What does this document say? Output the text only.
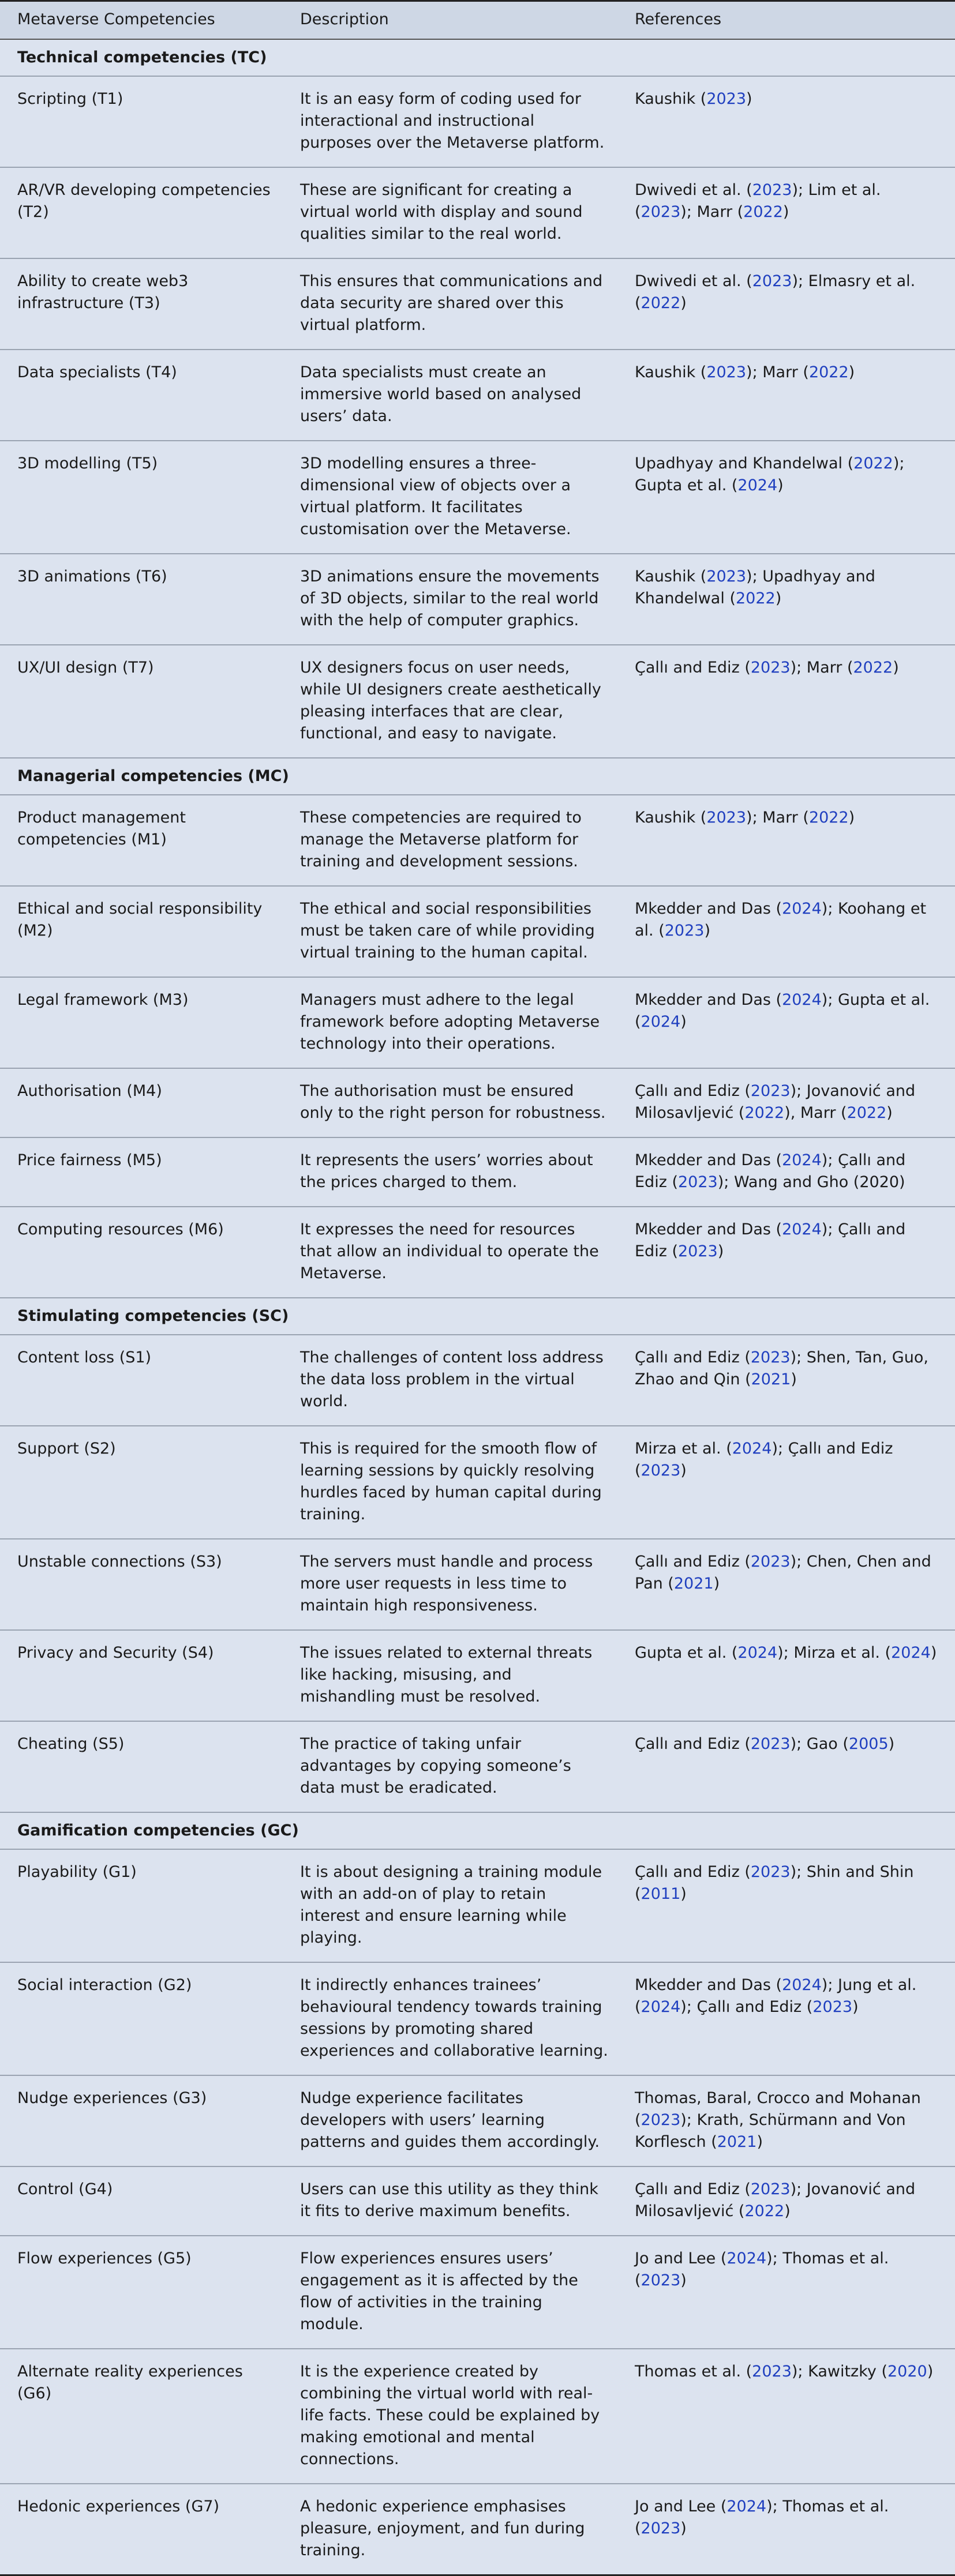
Metaverse Competencies	Description	References
Technical competencies (TC)		
Scripting (T1)	It is an easy form of coding used for interactional and instructional purposes over the Metaverse platform.	Kaushik (2023)
AR/VR developing competencies (T2)	These are significant for creating a virtual world with display and sound qualities similar to the real world.	Dwivedi et al. (2023); Lim et al. (2023); Marr (2022)
Ability to create web3 infrastructure (T3)	This ensures that communications and data security are shared over this virtual platform.	Dwivedi et al. (2023); Elmasry et al. (2022)
Data specialists (T4)	Data specialists must create an immersive world based on analysed users’ data.	Kaushik (2023); Marr (2022)
3D modelling (T5)	3D modelling ensures a three-dimensional view of objects over a virtual platform. It facilitates customisation over the Metaverse.	Upadhyay and Khandelwal (2022); Gupta et al. (2024)
3D animations (T6)	3D animations ensure the movements of 3D objects, similar to the real world with the help of computer graphics.	Kaushik (2023); Upadhyay and Khandelwal (2022)
UX/UI design (T7)	UX designers focus on user needs, while UI designers create aesthetically pleasing interfaces that are clear, functional, and easy to navigate.	Çallı and Ediz (2023); Marr (2022)
Managerial competencies (MC)		
Product management competencies (M1)	These competencies are required to manage the Metaverse platform for training and development sessions.	Kaushik (2023); Marr (2022)
Ethical and social responsibility (M2)	The ethical and social responsibilities must be taken care of while providing virtual training to the human capital.	Mkedder and Das (2024); Koohang et al. (2023)
Legal framework (M3)	Managers must adhere to the legal framework before adopting Metaverse technology into their operations.	Mkedder and Das (2024); Gupta et al. (2024)
Authorisation (M4)	The authorisation must be ensured only to the right person for robustness.	Çallı and Ediz (2023); Jovanović and Milosavljević (2022), Marr (2022)
Price fairness (M5)	It represents the users’ worries about the prices charged to them.	Mkedder and Das (2024); Çallı and Ediz (2023); Wang and Gho (2020)
Computing resources (M6)	It expresses the need for resources that allow an individual to operate the Metaverse.	Mkedder and Das (2024); Çallı and Ediz (2023)
Stimulating competencies (SC)		
Content loss (S1)	The challenges of content loss address the data loss problem in the virtual world.	Çallı and Ediz (2023); Shen, Tan, Guo, Zhao and Qin (2021)
Support (S2)	This is required for the smooth flow of learning sessions by quickly resolving hurdles faced by human capital during training.	Mirza et al. (2024); Çallı and Ediz (2023)
Unstable connections (S3)	The servers must handle and process more user requests in less time to maintain high responsiveness.	Çallı and Ediz (2023); Chen, Chen and Pan (2021)
Privacy and Security (S4)	The issues related to external threats like hacking, misusing, and mishandling must be resolved.	Gupta et al. (2024); Mirza et al. (2024)
Cheating (S5)	The practice of taking unfair advantages by copying someone’s data must be eradicated.	Çallı and Ediz (2023); Gao (2005)
Gamification competencies (GC)		
Playability (G1)	It is about designing a training module with an add-on of play to retain interest and ensure learning while playing.	Çallı and Ediz (2023); Shin and Shin (2011)
Social interaction (G2)	It indirectly enhances trainees’ behavioural tendency towards training sessions by promoting shared experiences and collaborative learning.	Mkedder and Das (2024); Jung et al. (2024); Çallı and Ediz (2023)
Nudge experiences (G3)	Nudge experience facilitates developers with users’ learning patterns and guides them accordingly.	Thomas, Baral, Crocco and Mohanan (2023); Krath, Schürmann and Von Korflesch (2021)
Control (G4)	Users can use this utility as they think it fits to derive maximum benefits.	Çallı and Ediz (2023); Jovanović and Milosavljević (2022)
Flow experiences (G5)	Flow experiences ensures users’ engagement as it is affected by the flow of activities in the training module.	Jo and Lee (2024); Thomas et al. (2023)
Alternate reality experiences (G6)	It is the experience created by combining the virtual world with real-life facts. These could be explained by making emotional and mental connections.	Thomas et al. (2023); Kawitzky (2020)
Hedonic experiences (G7)	A hedonic experience emphasises pleasure, enjoyment, and fun during training.	Jo and Lee (2024); Thomas et al. (2023)
